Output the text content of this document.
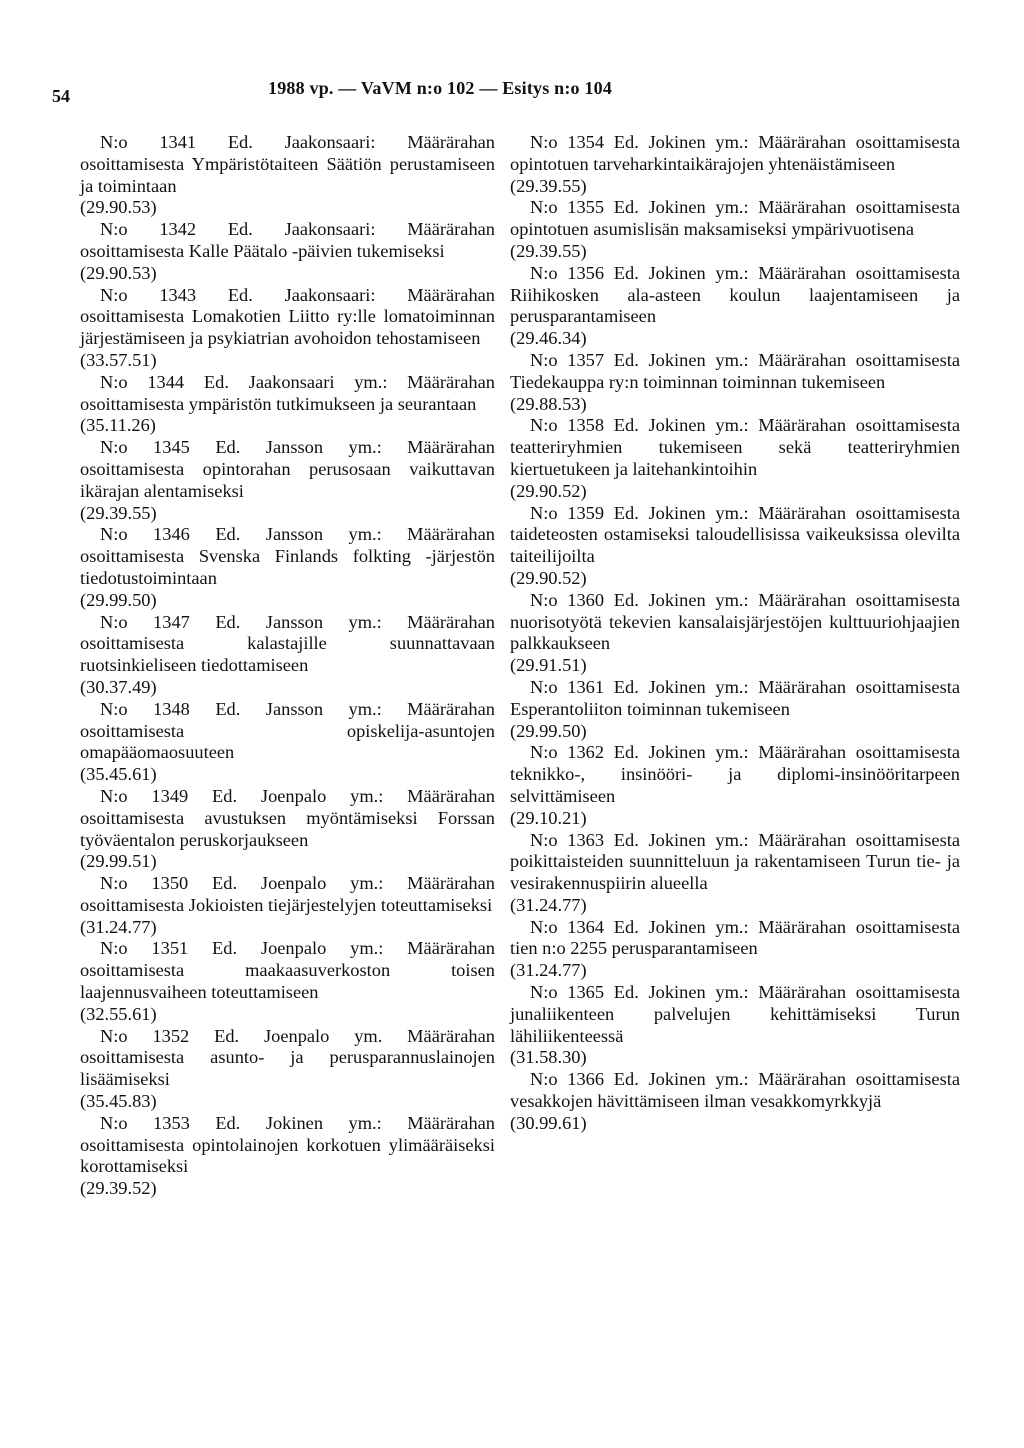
54	1988 vp. — VaVM n:o 102 — Esitys n:o 104
N:o 1341 Ed. Jaakonsaari: Määrärahan osoittamisesta Ympäristötaiteen Säätiön perustamiseen ja toimintaan
(29.90.53)
N:o 1342 Ed. Jaakonsaari: Määrärahan osoittamisesta Kalle Päätalo -päivien tukemiseksi
(29.90.53)
N:o 1343 Ed. Jaakonsaari: Määrärahan osoittamisesta Lomakotien Liitto ry:lle lomatoiminnan järjestämiseen ja psykiatrian avohoidon tehostamiseen
(33.57.51)
N:o 1344 Ed. Jaakonsaari ym.: Määrärahan osoittamisesta ympäristön tutkimukseen ja seurantaan
(35.11.26)
N:o 1345 Ed. Jansson ym.: Määrärahan osoittamisesta opintorahan perusosaan vaikuttavan ikärajan alentamiseksi
(29.39.55)
N:o 1346 Ed. Jansson ym.: Määrärahan osoittamisesta Svenska Finlands folkting -järjestön tiedotustoimintaan
(29.99.50)
N:o 1347 Ed. Jansson ym.: Määrärahan osoittamisesta kalastajille suunnattavaan ruotsinkieliseen tiedottamiseen
(30.37.49)
N:o 1348 Ed. Jansson ym.: Määrärahan osoittamisesta opiskelija-asuntojen omapääomaosuuteen
(35.45.61)
N:o 1349 Ed. Joenpalo ym.: Määrärahan osoittamisesta avustuksen myöntämiseksi Forssan työväentalon peruskorjaukseen
(29.99.51)
N:o 1350 Ed. Joenpalo ym.: Määrärahan osoittamisesta Jokioisten tiejärjestelyjen toteuttamiseksi
(31.24.77)
N:o 1351 Ed. Joenpalo ym.: Määrärahan osoittamisesta maakaasuverkoston toisen laajennusvaiheen toteuttamiseen
(32.55.61)
N:o 1352 Ed. Joenpalo ym. Määrärahan osoittamisesta asunto- ja perusparannuslainojen lisäämiseksi
(35.45.83)
N:o 1353 Ed. Jokinen ym.: Määrärahan osoittamisesta opintolainojen korkotuen ylimääräiseksi korottamiseksi
(29.39.52)
N:o 1354 Ed. Jokinen ym.: Määrärahan osoittamisesta opintotuen tarveharkintaikärajojen yhtenäistämiseen
(29.39.55)
N:o 1355 Ed. Jokinen ym.: Määrärahan osoittamisesta opintotuen asumislisän maksamiseksi ympärivuotisena
(29.39.55)
N:o 1356 Ed. Jokinen ym.: Määrärahan osoittamisesta Riihikosken ala-asteen koulun laajentamiseen ja perusparantamiseen
(29.46.34)
N:o 1357 Ed. Jokinen ym.: Määrärahan osoittamisesta Tiedekauppa ry:n toiminnan toiminnan tukemiseen
(29.88.53)
N:o 1358 Ed. Jokinen ym.: Määrärahan osoittamisesta teatteriryhmien tukemiseen sekä teatteriryhmien kiertuetukeen ja laitehankintoihin
(29.90.52)
N:o 1359 Ed. Jokinen ym.: Määrärahan osoittamisesta taideteosten ostamiseksi taloudellisissa vaikeuksissa olevilta taiteilijoilta
(29.90.52)
N:o 1360 Ed. Jokinen ym.: Määrärahan osoittamisesta nuorisotyötä tekevien kansalaisjärjestöjen kulttuuriohjaajien palkkaukseen
(29.91.51)
N:o 1361 Ed. Jokinen ym.: Määrärahan osoittamisesta Esperantoliiton toiminnan tukemiseen
(29.99.50)
N:o 1362 Ed. Jokinen ym.: Määrärahan osoittamisesta teknikko-, insinööri- ja diplomi-insinööritarpeen selvittämiseen
(29.10.21)
N:o 1363 Ed. Jokinen ym.: Määrärahan osoittamisesta poikittaisteiden suunnitteluun ja rakentamiseen Turun tie- ja vesirakennuspiirin alueella
(31.24.77)
N:o 1364 Ed. Jokinen ym.: Määrärahan osoittamisesta tien n:o 2255 perusparantamiseen
(31.24.77)
N:o 1365 Ed. Jokinen ym.: Määrärahan osoittamisesta junaliikenteen palvelujen kehittämiseksi Turun lähiliikenteessä
(31.58.30)
N:o 1366 Ed. Jokinen ym.: Määrärahan osoittamisesta vesakkojen hävittämiseen ilman vesakkomyrkkyjä
(30.99.61)
